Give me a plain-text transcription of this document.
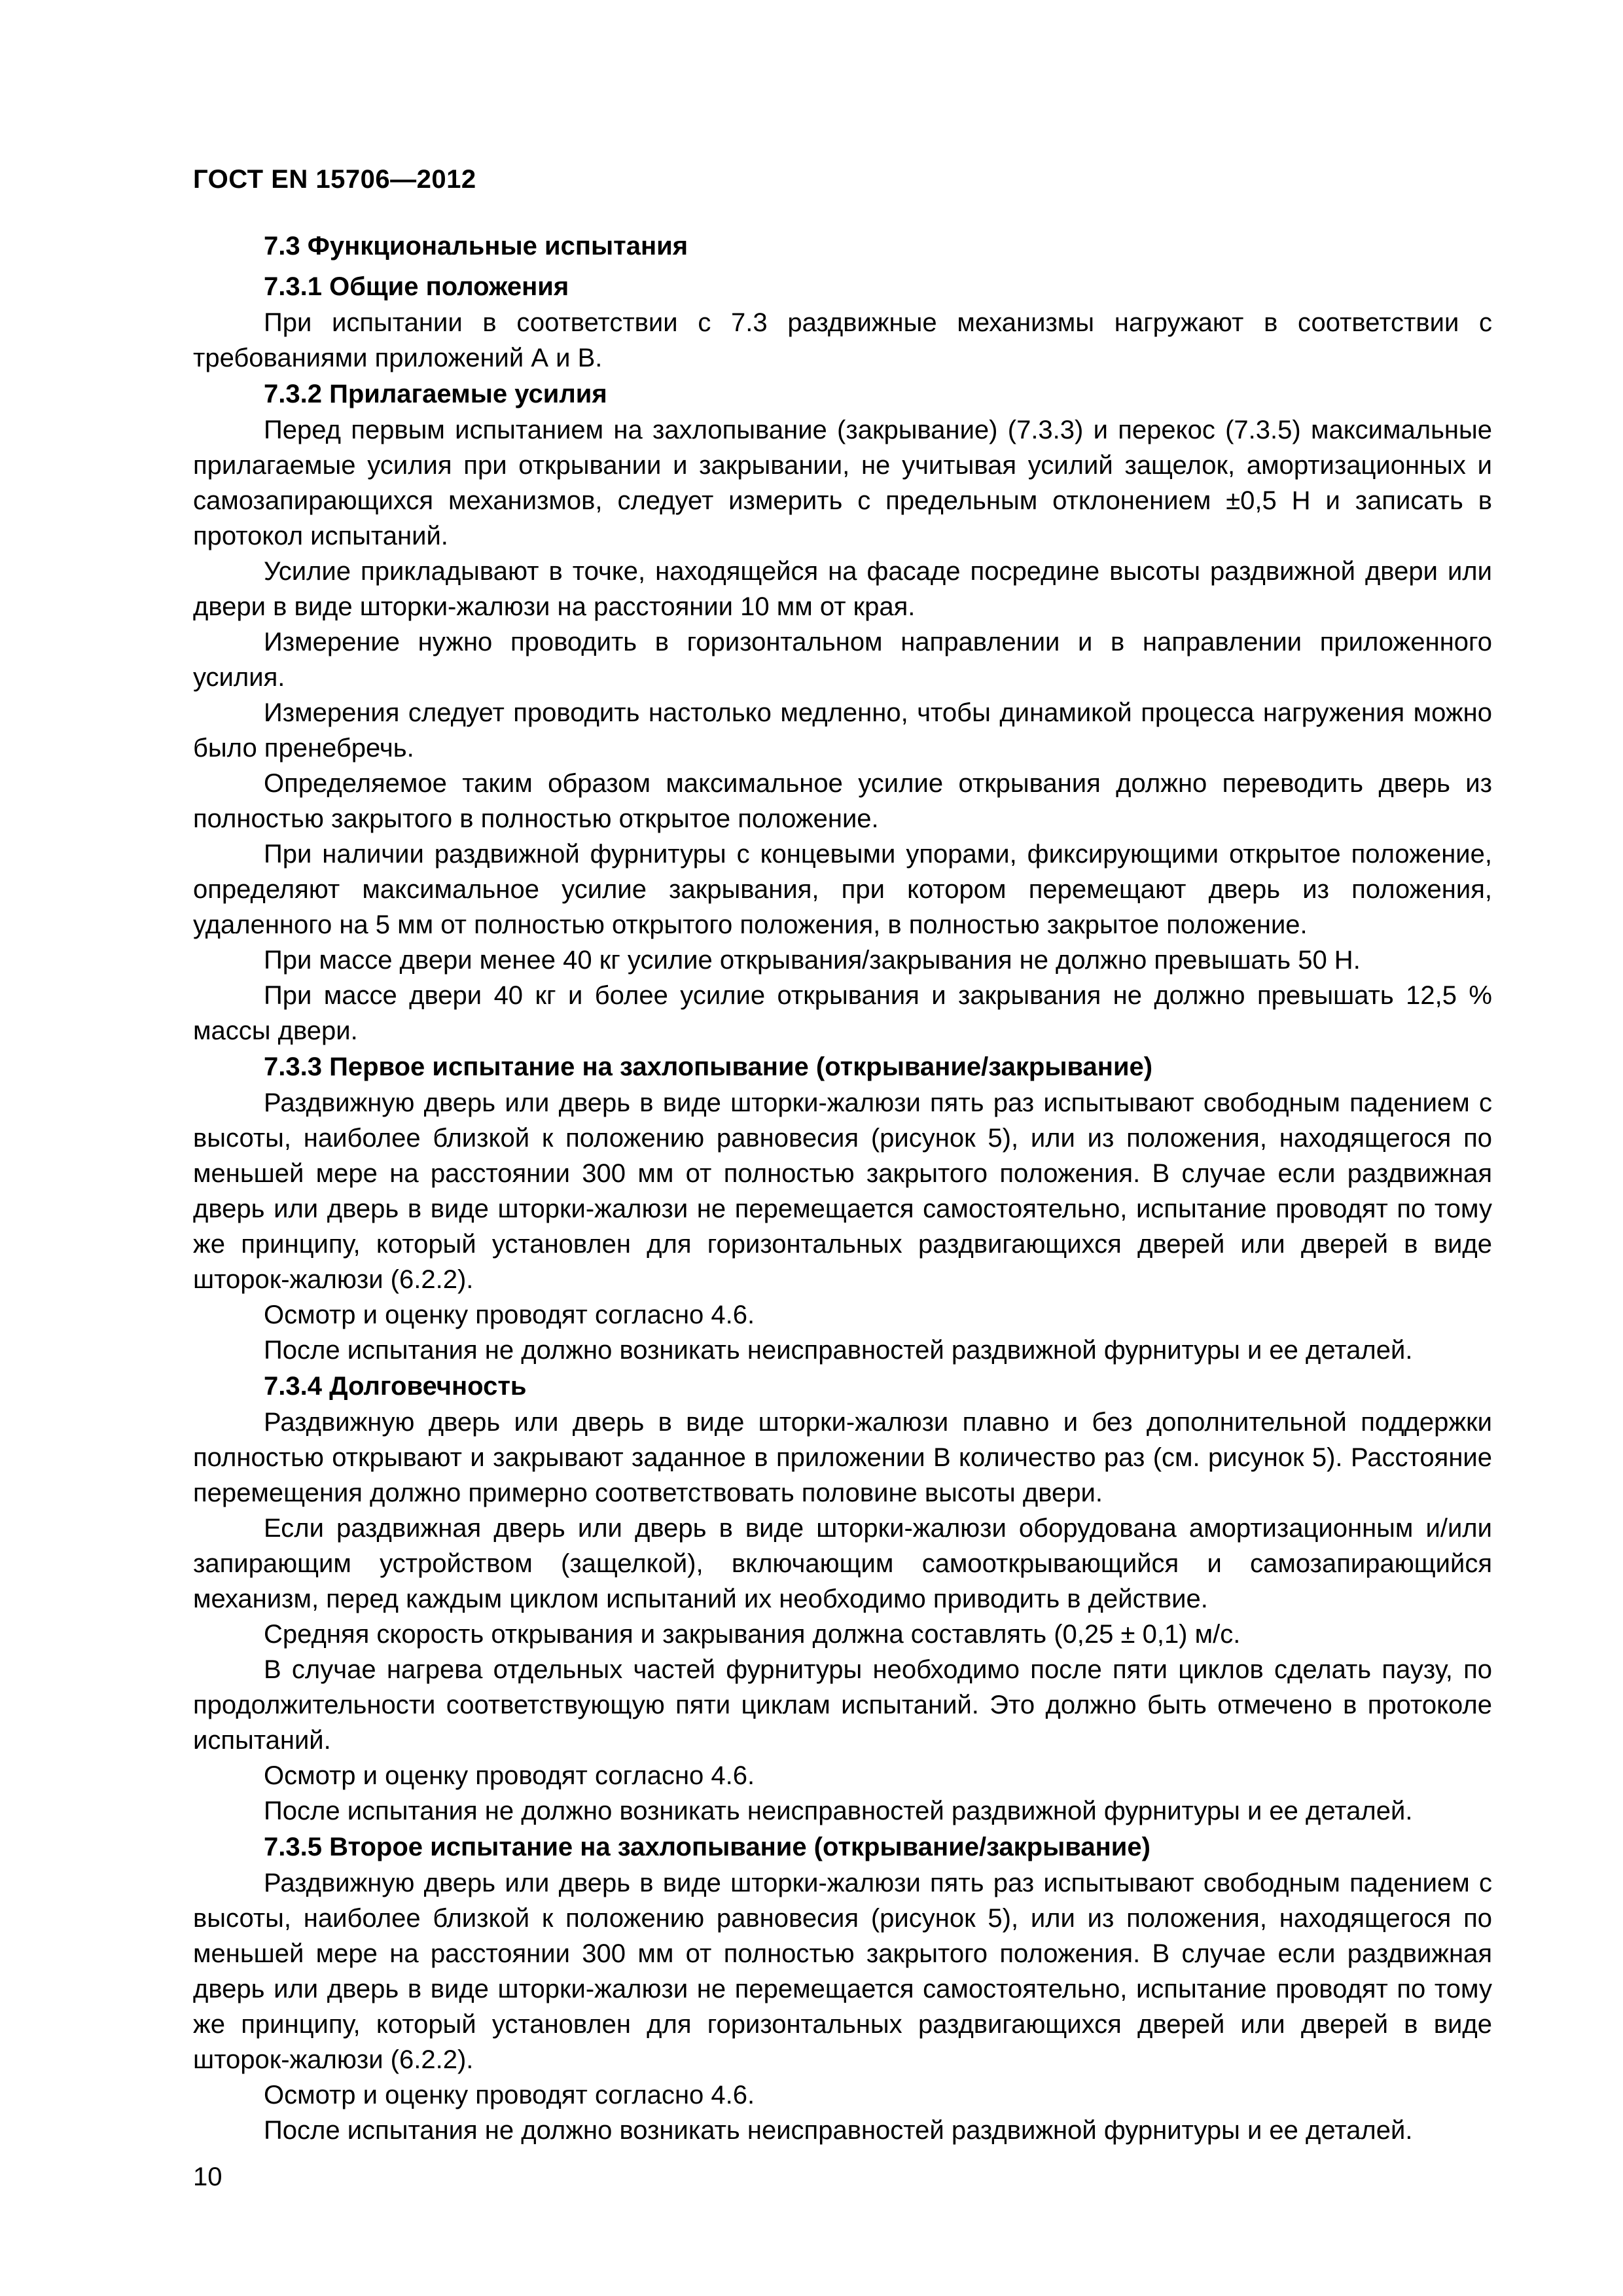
ГОСТ EN 15706—2012
7.3 Функциональные испытания
7.3.1 Общие положения

При испытании в соответствии с 7.3 раздвижные механизмы нагружают в соответствии с требованиями приложений А и В.

7.3.2 Прилагаемые усилия

Перед первым испытанием на захлопывание (закрывание) (7.3.3) и перекос (7.3.5) максимальные прилагаемые усилия при открывании и закрывании, не учитывая усилий защелок, амортизационных и самозапирающихся механизмов, следует измерить с предельным отклонением ±0,5 Н и записать в протокол испытаний.

Усилие прикладывают в точке, находящейся на фасаде посредине высоты раздвижной двери или двери в виде шторки-жалюзи на расстоянии 10 мм от края.

Измерение нужно проводить в горизонтальном направлении и в направлении приложенного усилия.

Измерения следует проводить настолько медленно, чтобы динамикой процесса нагружения можно было пренебречь.

Определяемое таким образом максимальное усилие открывания должно переводить дверь из полностью закрытого в полностью открытое положение.

При наличии раздвижной фурнитуры с концевыми упорами, фиксирующими открытое положение, определяют максимальное усилие закрывания, при котором перемещают дверь из положения, удаленного на 5 мм от полностью открытого положения, в полностью закрытое положение.

При массе двери менее 40 кг усилие открывания/закрывания не должно превышать 50 Н.

При массе двери 40 кг и более усилие открывания и закрывания не должно превышать 12,5 % массы двери.

7.3.3 Первое испытание на захлопывание (открывание/закрывание)

Раздвижную дверь или дверь в виде шторки-жалюзи пять раз испытывают свободным падением с высоты, наиболее близкой к положению равновесия (рисунок 5), или из положения, находящегося по меньшей мере на расстоянии 300 мм от полностью закрытого положения. В случае если раздвижная дверь или дверь в виде шторки-жалюзи не перемещается самостоятельно, испытание проводят по тому же принципу, который установлен для горизонтальных раздвигающихся дверей или дверей в виде шторок-жалюзи (6.2.2).

Осмотр и оценку проводят согласно 4.6.

После испытания не должно возникать неисправностей раздвижной фурнитуры и ее деталей.

7.3.4 Долговечность

Раздвижную дверь или дверь в виде шторки-жалюзи плавно и без дополнительной поддержки полностью открывают и закрывают заданное в приложении В количество раз (см. рисунок 5). Расстояние перемещения должно примерно соответствовать половине высоты двери.

Если раздвижная дверь или дверь в виде шторки-жалюзи оборудована амортизационным и/или запирающим устройством (защелкой), включающим самооткрывающийся и самозапирающийся механизм, перед каждым циклом испытаний их необходимо приводить в действие.

Средняя скорость открывания и закрывания должна составлять (0,25 ± 0,1) м/с.

В случае нагрева отдельных частей фурнитуры необходимо после пяти циклов сделать паузу, по продолжительности соответствующую пяти циклам испытаний. Это должно быть отмечено в протоколе испытаний.

Осмотр и оценку проводят согласно 4.6.

После испытания не должно возникать неисправностей раздвижной фурнитуры и ее деталей.

7.3.5 Второе испытание на захлопывание (открывание/закрывание)

Раздвижную дверь или дверь в виде шторки-жалюзи пять раз испытывают свободным падением с высоты, наиболее близкой к положению равновесия (рисунок 5), или из положения, находящегося по меньшей мере на расстоянии 300 мм от полностью закрытого положения. В случае если раздвижная дверь или дверь в виде шторки-жалюзи не перемещается самостоятельно, испытание проводят по тому же принципу, который установлен для горизонтальных раздвигающихся дверей или дверей в виде шторок-жалюзи (6.2.2).

Осмотр и оценку проводят согласно 4.6.

После испытания не должно возникать неисправностей раздвижной фурнитуры и ее деталей.

10
